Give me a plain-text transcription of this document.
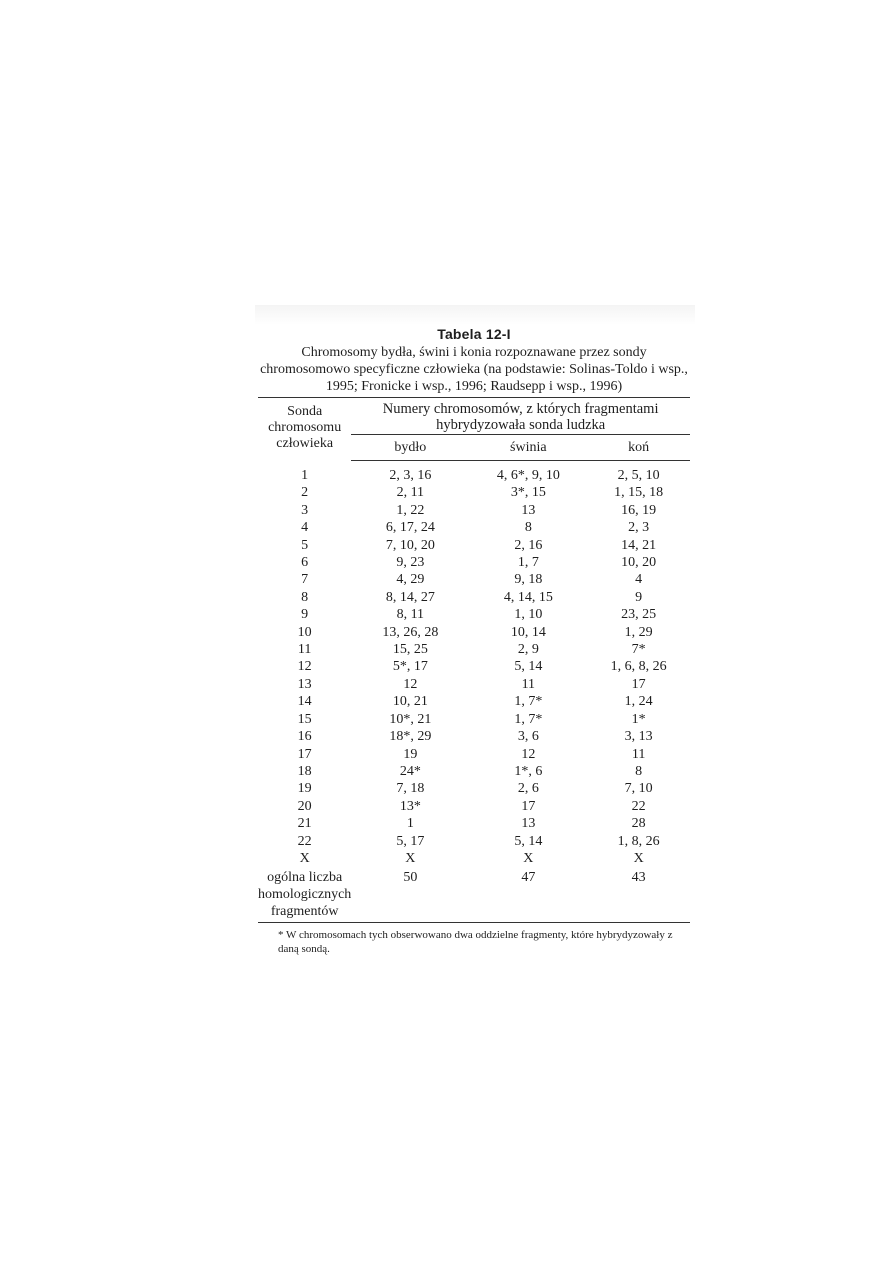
Tabela 12-I
Chromosomy bydła, świni i konia rozpoznawane przez sondy chromosomowo specyficzne człowieka (na podstawie: Solinas-Toldo i wsp., 1995; Fronicke i wsp., 1996; Raudsepp i wsp., 1996)
Sonda chromosomu człowieka	Numery chromosomów, z których fragmentami hybrydyzowała sonda ludzka		
	bydło	świnia	koń
1	2, 3, 16	4, 6*, 9, 10	2, 5, 10
2	2, 11	3*, 15	1, 15, 18
3	1, 22	13	16, 19
4	6, 17, 24	8	2, 3
5	7, 10, 20	2, 16	14, 21
6	9, 23	1, 7	10, 20
7	4, 29	9, 18	4
8	8, 14, 27	4, 14, 15	9
9	8, 11	1, 10	23, 25
10	13, 26, 28	10, 14	1, 29
11	15, 25	2, 9	7*
12	5*, 17	5, 14	1, 6, 8, 26
13	12	11	17
14	10, 21	1, 7*	1, 24
15	10*, 21	1, 7*	1*
16	18*, 29	3, 6	3, 13
17	19	12	11
18	24*	1*, 6	8
19	7, 18	2, 6	7, 10
20	13*	17	22
21	1	13	28
22	5, 17	5, 14	1, 8, 26
X	X	X	X
ogólna liczba homologicznych fragmentów	50	47	43
* W chromosomach tych obserwowano dwa oddzielne fragmenty, które hybrydyzowały z daną sondą.
